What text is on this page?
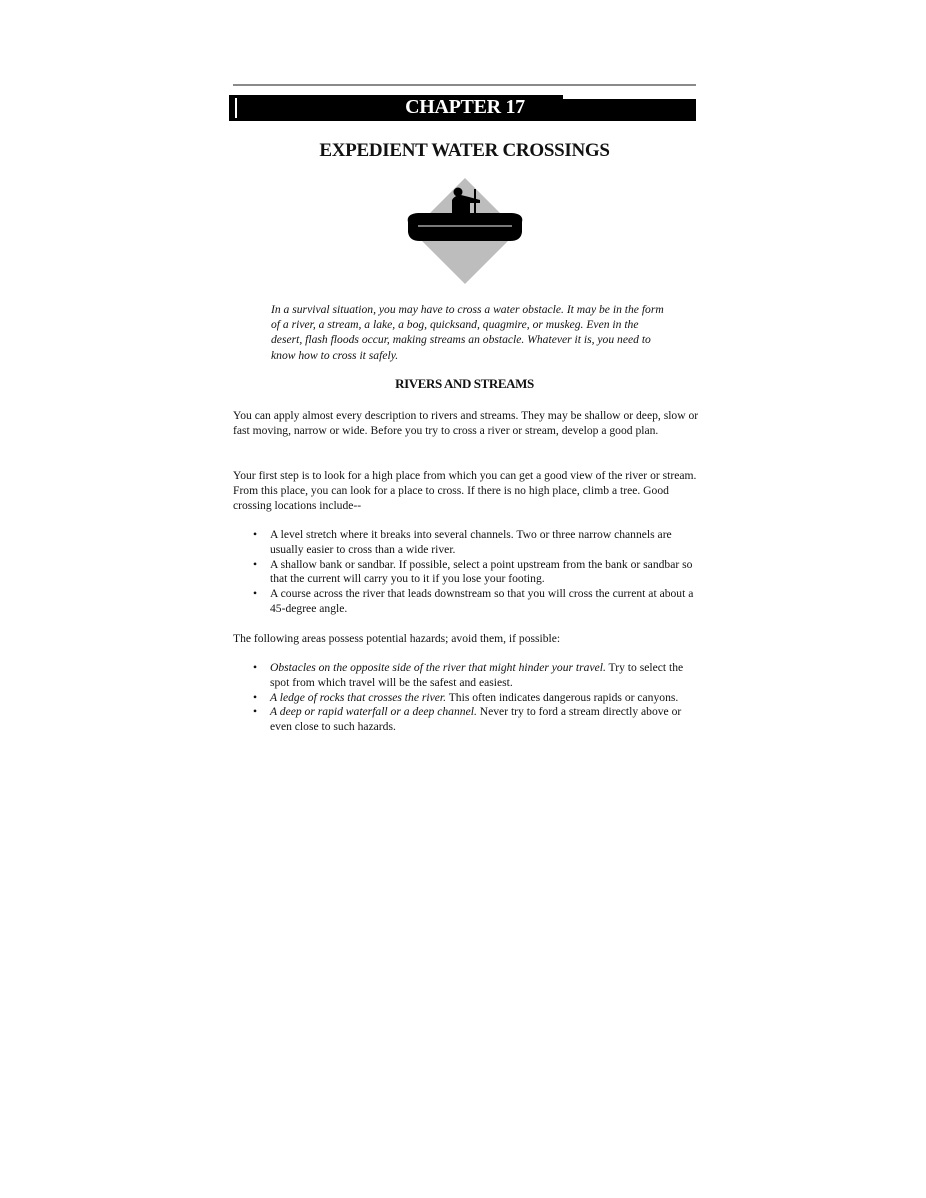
CHAPTER 17
EXPEDIENT WATER CROSSINGS
In a survival situation, you may have to cross a water obstacle. It may be in the form of a river, a stream, a lake, a bog, quicksand, quagmire, or muskeg. Even in the desert, flash floods occur, making streams an obstacle. Whatever it is, you need to know how to cross it safely.
RIVERS AND STREAMS

You can apply almost every description to rivers and streams. They may be shallow or deep, slow or fast moving, narrow or wide. Before you try to cross a river or stream, develop a good plan.

Your first step is to look for a high place from which you can get a good view of the river or stream. From this place, you can look for a place to cross. If there is no high place, climb a tree. Good crossing locations include--

• A level stretch where it breaks into several channels. Two or three narrow channels are usually easier to cross than a wide river.
• A shallow bank or sandbar. If possible, select a point upstream from the bank or sandbar so that the current will carry you to it if you lose your footing.
• A course across the river that leads downstream so that you will cross the current at about a 45-degree angle.

The following areas possess potential hazards; avoid them, if possible:

• Obstacles on the opposite side of the river that might hinder your travel. Try to select the spot from which travel will be the safest and easiest.
• A ledge of rocks that crosses the river. This often indicates dangerous rapids or canyons.
• A deep or rapid waterfall or a deep channel. Never try to ford a stream directly above or even close to such hazards.
